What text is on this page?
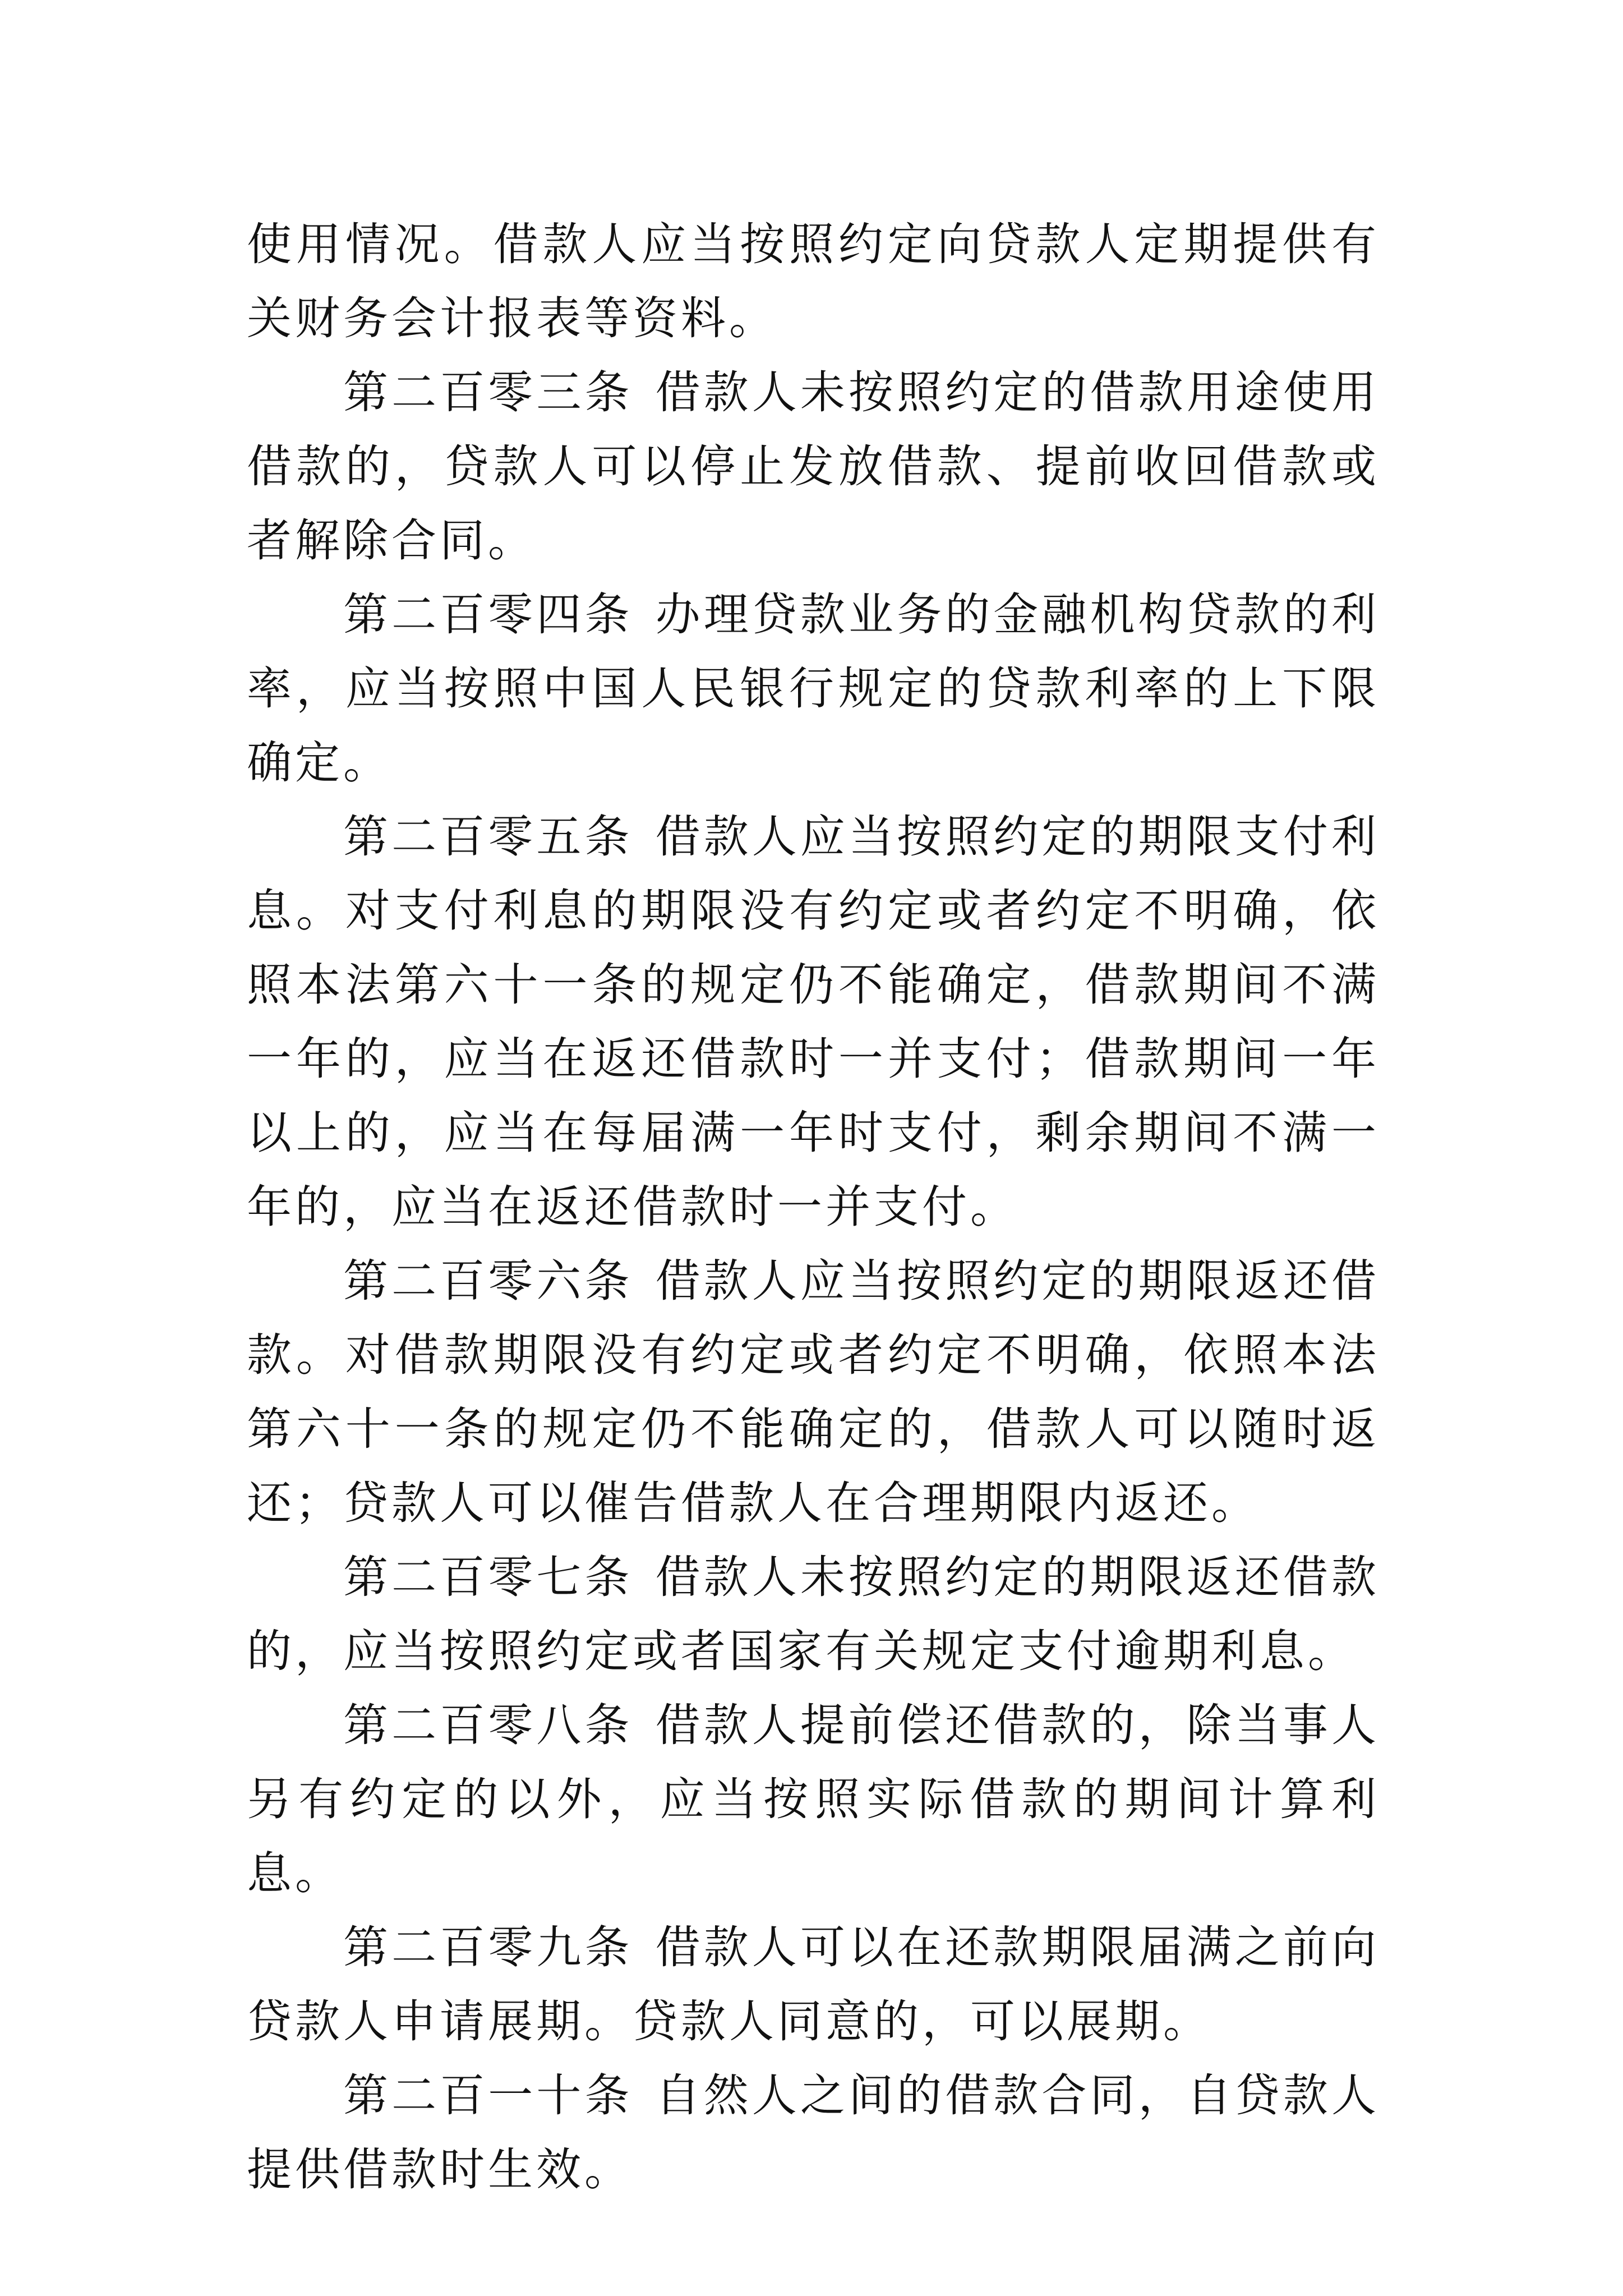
使用情况。借款人应当按照约定向贷款人定期提供有关财务会计报表等资料。

第二百零三条 借款人未按照约定的借款用途使用借款的，贷款人可以停止发放借款、提前收回借款或者解除合同。

第二百零四条 办理贷款业务的金融机构贷款的利率，应当按照中国人民银行规定的贷款利率的上下限确定。

第二百零五条 借款人应当按照约定的期限支付利息。对支付利息的期限没有约定或者约定不明确，依照本法第六十一条的规定仍不能确定，借款期间不满一年的，应当在返还借款时一并支付；借款期间一年以上的，应当在每届满一年时支付，剩余期间不满一年的，应当在返还借款时一并支付。

第二百零六条 借款人应当按照约定的期限返还借款。对借款期限没有约定或者约定不明确，依照本法第六十一条的规定仍不能确定的，借款人可以随时返还；贷款人可以催告借款人在合理期限内返还。

第二百零七条 借款人未按照约定的期限返还借款的，应当按照约定或者国家有关规定支付逾期利息。

第二百零八条 借款人提前偿还借款的，除当事人另有约定的以外，应当按照实际借款的期间计算利息。

第二百零九条 借款人可以在还款期限届满之前向贷款人申请展期。贷款人同意的，可以展期。

第二百一十条 自然人之间的借款合同，自贷款人提供借款时生效。
